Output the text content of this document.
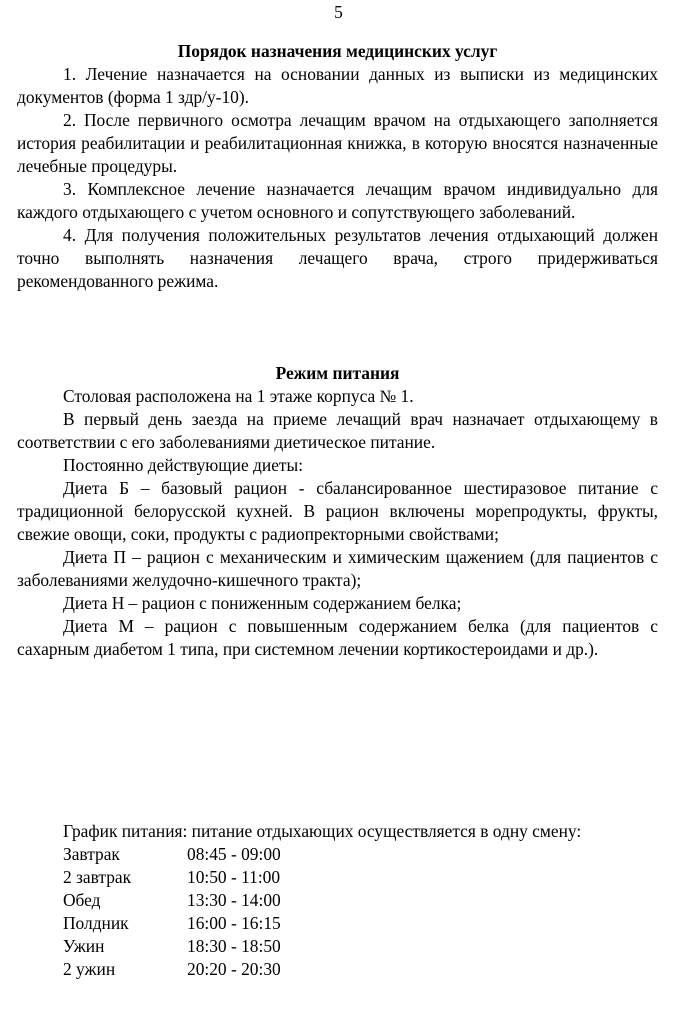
5
Порядок назначения медицинских услуг

1. Лечение назначается на основании данных из выписки из медицинских документов (форма 1 здр/у-10).

2. После первичного осмотра лечащим врачом на отдыхающего заполняется история реабилитации и реабилитационная книжка, в которую вносятся назначенные лечебные процедуры.

3. Комплексное лечение назначается лечащим врачом индивидуально для каждого отдыхающего с учетом основного и сопутствующего заболеваний.

4. Для получения положительных результатов лечения отдыхающий должен точно выполнять назначения лечащего врача, строго придерживаться рекомендованного режима.

Режим питания

Столовая расположена на 1 этаже корпуса № 1.

В первый день заезда на приеме лечащий врач назначает отдыхающему в соответствии с его заболеваниями диетическое питание.

Постоянно действующие диеты:

Диета Б – базовый рацион - сбалансированное шестиразовое питание с традиционной белорусской кухней. В рацион включены морепродукты, фрукты, свежие овощи, соки, продукты с радиопректорными свойствами;

Диета П – рацион с механическим и химическим щажением (для пациентов с заболеваниями желудочно-кишечного тракта);

Диета Н – рацион с пониженным содержанием белка;

Диета М – рацион с повышенным содержанием белка (для пациентов с сахарным диабетом 1 типа, при системном лечении кортикостероидами и др.).

График питания: питание отдыхающих осуществляется в одну смену:

Завтрак	08:45 - 09:00
2 завтрак	10:50 - 11:00
Обед	13:30 - 14:00
Полдник	16:00 - 16:15
Ужин	18:30 - 18:50
2 ужин	20:20 - 20:30
